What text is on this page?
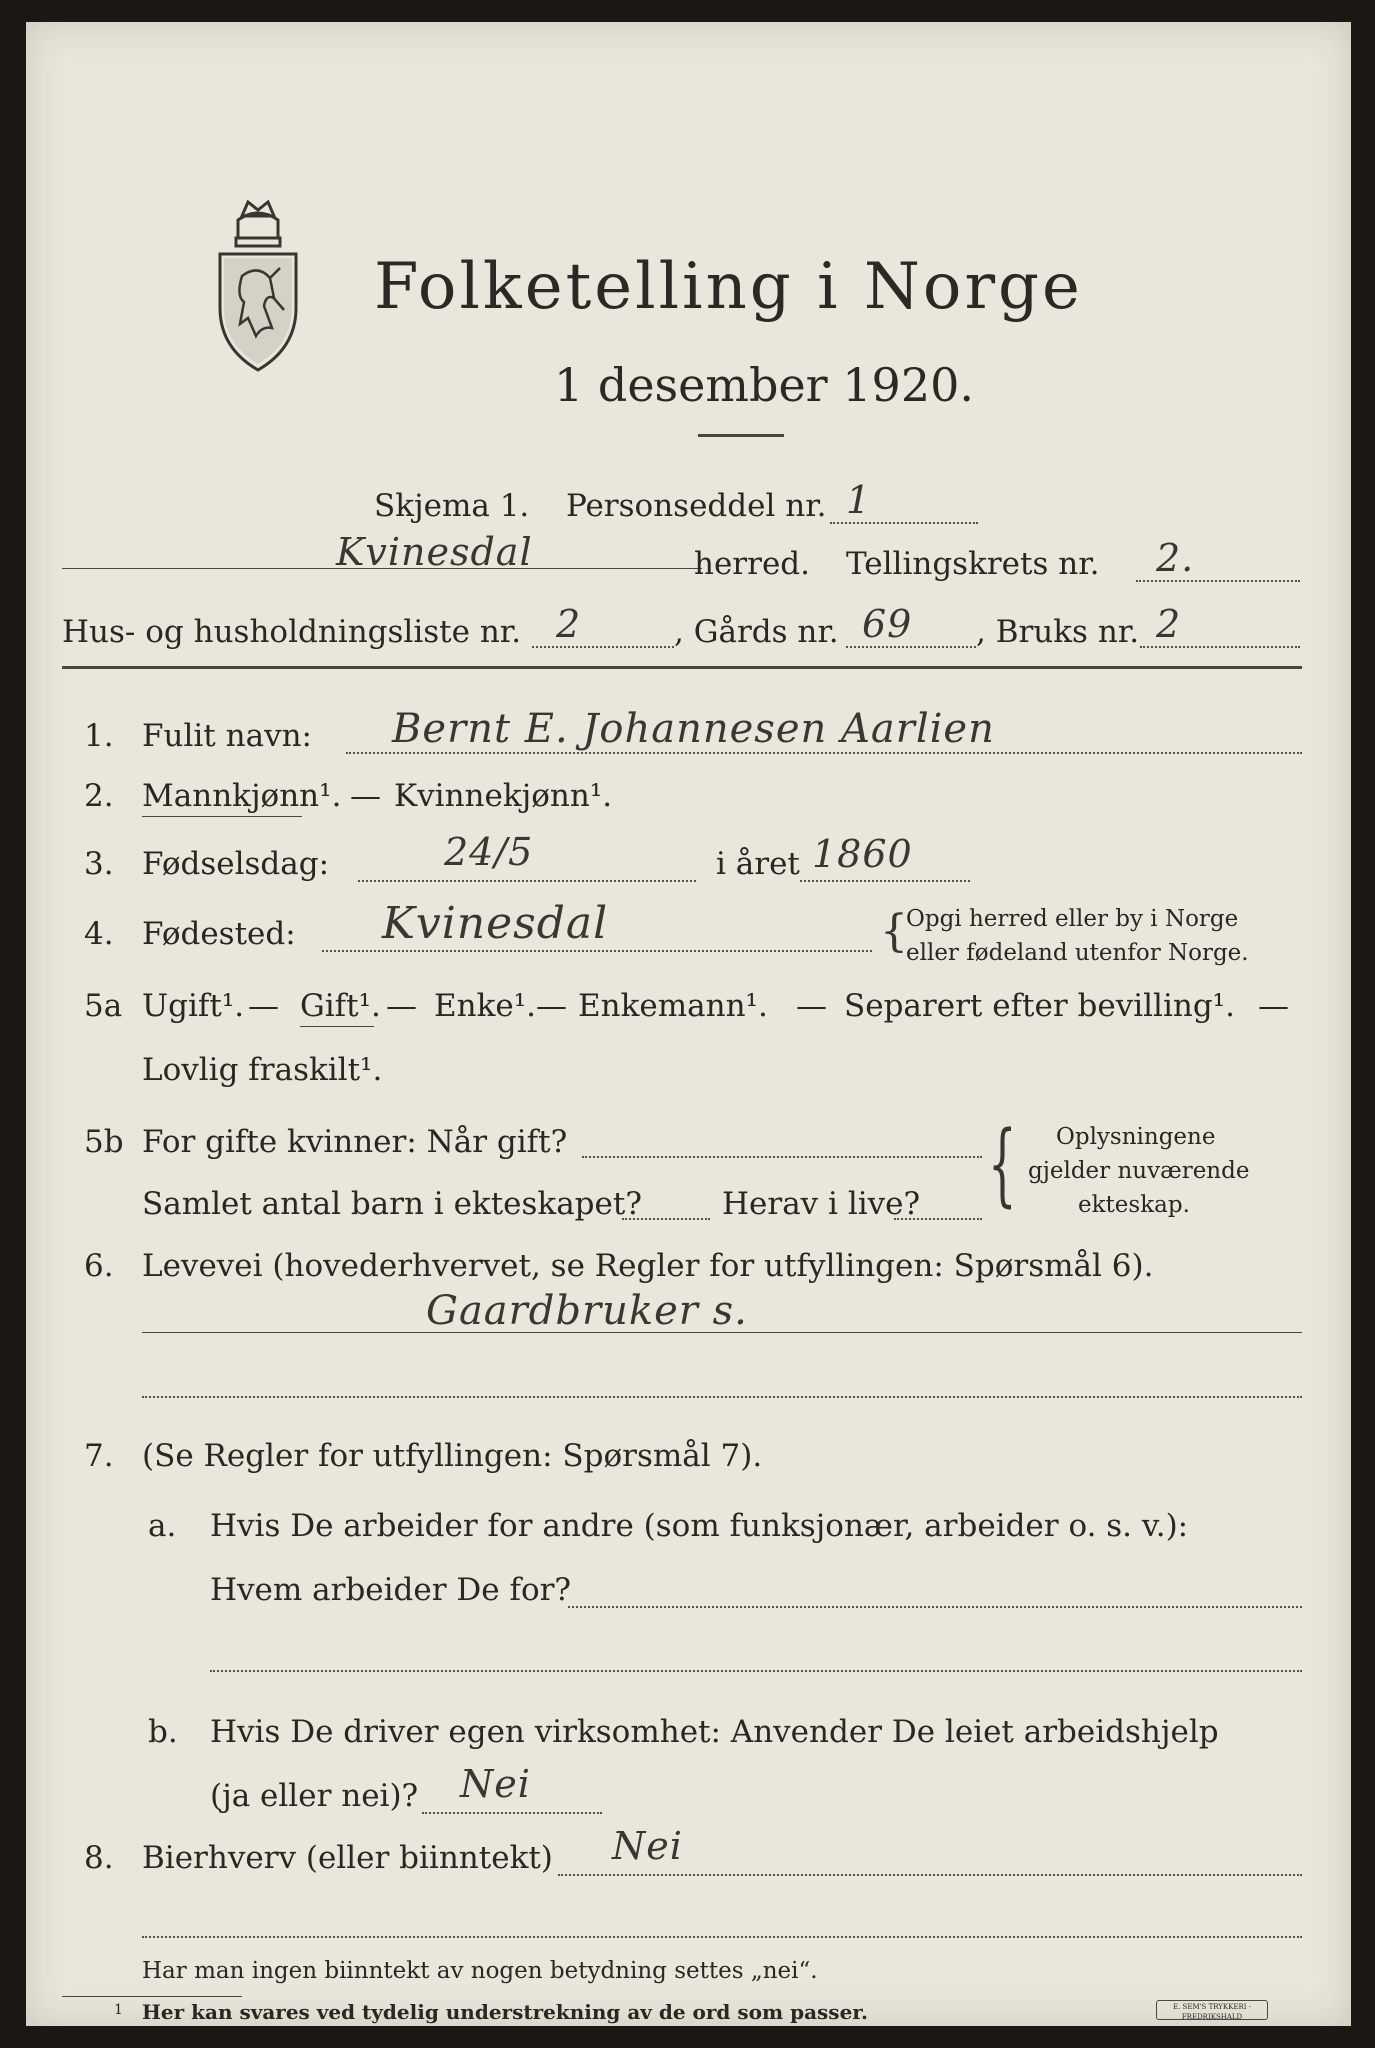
Folketelling i Norge
1 desember 1920.
Skjema 1. Personseddel nr. 1
Kvinesdal	herred. Tellingskrets nr. 2.
Hus- og husholdningsliste nr. 2	, Gårds nr. 69 , Bruks nr. 2
1. Fulit navn: Bernt E. Johannesen Aarlien
2. Mannkjønn¹. — Kvinnekjønn¹.
3. Fødselsdag:	24/5	i året 1860
4. Fødested: Kvinesdal	{
Opgi herred eller by i Norge
eller fødeland utenfor Norge.
5a Ugift¹. — Gift¹. — Enke¹. — Enkemann¹. — Separert efter bevilling¹. —
Lovlig fraskilt¹.
5b For gifte kvinner: Når gift?
Samlet antal barn i ekteskapet?	Herav i live? { Oplysningene
gjelder nuværende
ekteskap.
6. Levevei (hovederhvervet, se Regler for utfyllingen: Spørsmål 6).
Gaardbruker s.
7. (Se Regler for utfyllingen: Spørsmål 7).
a. Hvis De arbeider for andre (som funksjonær, arbeider o. s. v.):
Hvem arbeider De for?
b. Hvis De driver egen virksomhet: Anvender De leiet arbeidshjelp
(ja eller nei)? Nei
8. Bierhverv (eller biinntekt) Nei
Har man ingen biinntekt av nogen betydning settes „nei“.
1 Her kan svares ved tydelig understrekning av de ord som passer.	E. SEM'S TRYKKERI · FREDRIKSHALD
